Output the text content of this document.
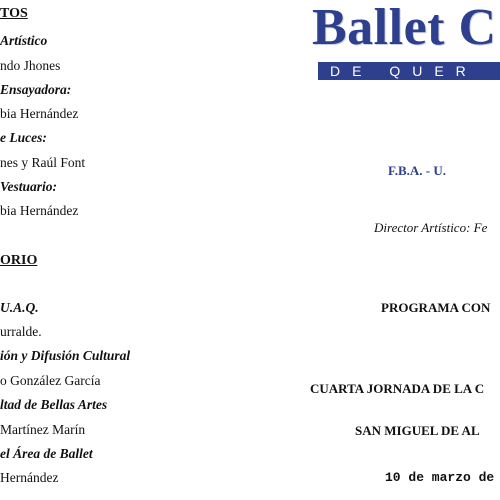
TOS
Artístico
ndo Jhones
Ensayadora:
bia Hernández
e Luces:
nes y Raúl Font
Vestuario:
bia Hernández
ORIO
U.A.Q.
urralde.
ión y Difusión Cultural
o González García
ltad de Bellas Artes
Martínez Marín
el Área de Ballet
Hernández
Ballet C
DE QUER
F.B.A. - U.
Director Artístico: Fe
PROGRAMA CON
CUARTA JORNADA DE LA C
SAN MIGUEL DE AL
10 de marzo de
